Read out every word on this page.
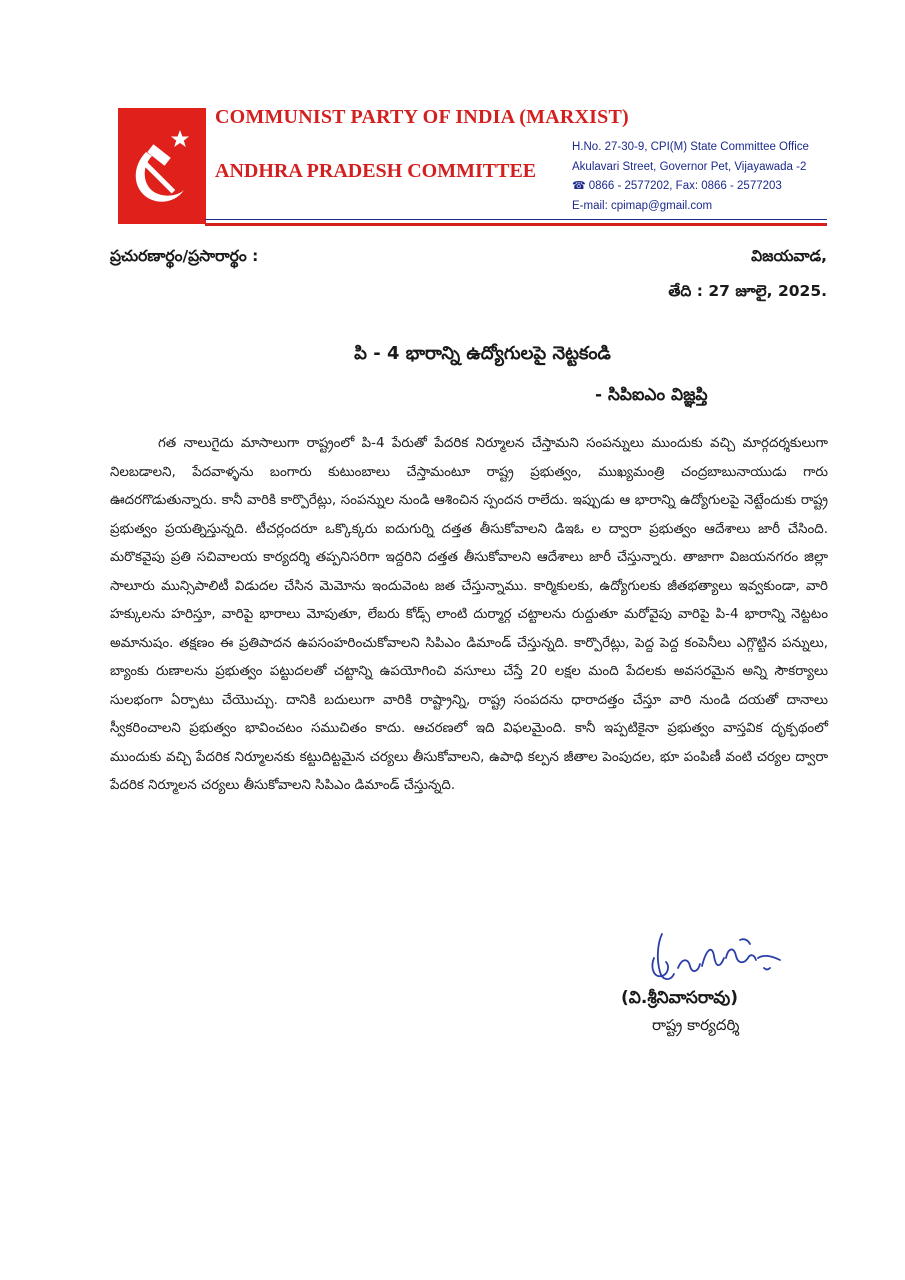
COMMUNIST PARTY OF INDIA (MARXIST)
ANDHRA PRADESH COMMITTEE
H.No. 27-30-9, CPI(M) State Committee Office
Akulavari Street, Governor Pet, Vijayawada -2
☎ 0866 - 2577202, Fax: 0866 - 2577203
E-mail: cpimap@gmail.com
ప్రచురణార్థం/ప్రసారార్థం :	విజయవాడ,
తేది : 27 జూలై, 2025.
పి - 4 భారాన్ని ఉద్యోగులపై నెట్టకండి
- సిపిఐఎం విజ్ఞప్తి
గత నాలుగైదు మాసాలుగా రాష్ట్రంలో పి-4 పేరుతో పేదరిక నిర్మూలన చేస్తామని సంపన్నులు ముందుకు వచ్చి మార్గదర్శకులుగా నిలబడాలని, పేదవాళ్ళను బంగారు కుటుంబాలు చేస్తామంటూ రాష్ట్ర ప్రభుత్వం, ముఖ్యమంత్రి చంద్రబాబునాయుడు గారు ఊదరగొడుతున్నారు. కానీ వారికి కార్పొరేట్లు, సంపన్నుల నుండి ఆశించిన స్పందన రాలేదు. ఇప్పుడు ఆ భారాన్ని ఉద్యోగులపై నెట్టేందుకు రాష్ట్ర ప్రభుత్వం ప్రయత్నిస్తున్నది. టీచర్లందరూ ఒక్కొక్కరు ఐదుగుర్ని దత్తత తీసుకోవాలని డిఇఓ ల ద్వారా ప్రభుత్వం ఆదేశాలు జారీ చేసింది. మరొకవైపు ప్రతి సచివాలయ కార్యదర్శి తప్పనిసరిగా ఇద్దరిని దత్తత తీసుకోవాలని ఆదేశాలు జారీ చేస్తున్నారు. తాజాగా విజయనగరం జిల్లా సాలూరు మున్సిపాలిటీ విడుదల చేసిన మెమోను ఇందువెంట జత చేస్తున్నాము. కార్మికులకు, ఉద్యోగులకు జీతభత్యాలు ఇవ్వకుండా, వారి హక్కులను హరిస్తూ, వారిపై భారాలు మోపుతూ, లేబరు కోడ్స్ లాంటి దుర్మార్గ చట్టాలను రుద్దుతూ మరోవైపు వారిపై పి-4 భారాన్ని నెట్టటం అమానుషం. తక్షణం ఈ ప్రతిపాదన ఉపసంహరించుకోవాలని సిపిఎం డిమాండ్ చేస్తున్నది. కార్పొరేట్లు, పెద్ద పెద్ద కంపెనీలు ఎగ్గొట్టిన పన్నులు, బ్యాంకు రుణాలను ప్రభుత్వం పట్టుదలతో చట్టాన్ని ఉపయోగించి వసూలు చేస్తే 20 లక్షల మంది పేదలకు అవసరమైన అన్ని సౌకర్యాలు సులభంగా ఏర్పాటు చేయొచ్చు. దానికి బదులుగా వారికి రాష్ట్రాన్ని, రాష్ట్ర సంపదను ధారాదత్తం చేస్తూ వారి నుండి దయతో దానాలు స్వీకరించాలని ప్రభుత్వం భావించటం సముచితం కాదు. ఆచరణలో ఇది విఫలమైంది. కానీ ఇప్పటికైనా ప్రభుత్వం వాస్తవిక దృక్పథంలో ముందుకు వచ్చి పేదరిక నిర్మూలనకు కట్టుదిట్టమైన చర్యలు తీసుకోవాలని, ఉపాధి కల్పన జీతాల పెంపుదల, భూ పంపిణీ వంటి చర్యల ద్వారా పేదరిక నిర్మూలన చర్యలు తీసుకోవాలని సిపిఎం డిమాండ్ చేస్తున్నది.
(వి.శ్రీనివాసరావు)
రాష్ట్ర కార్యదర్శి
